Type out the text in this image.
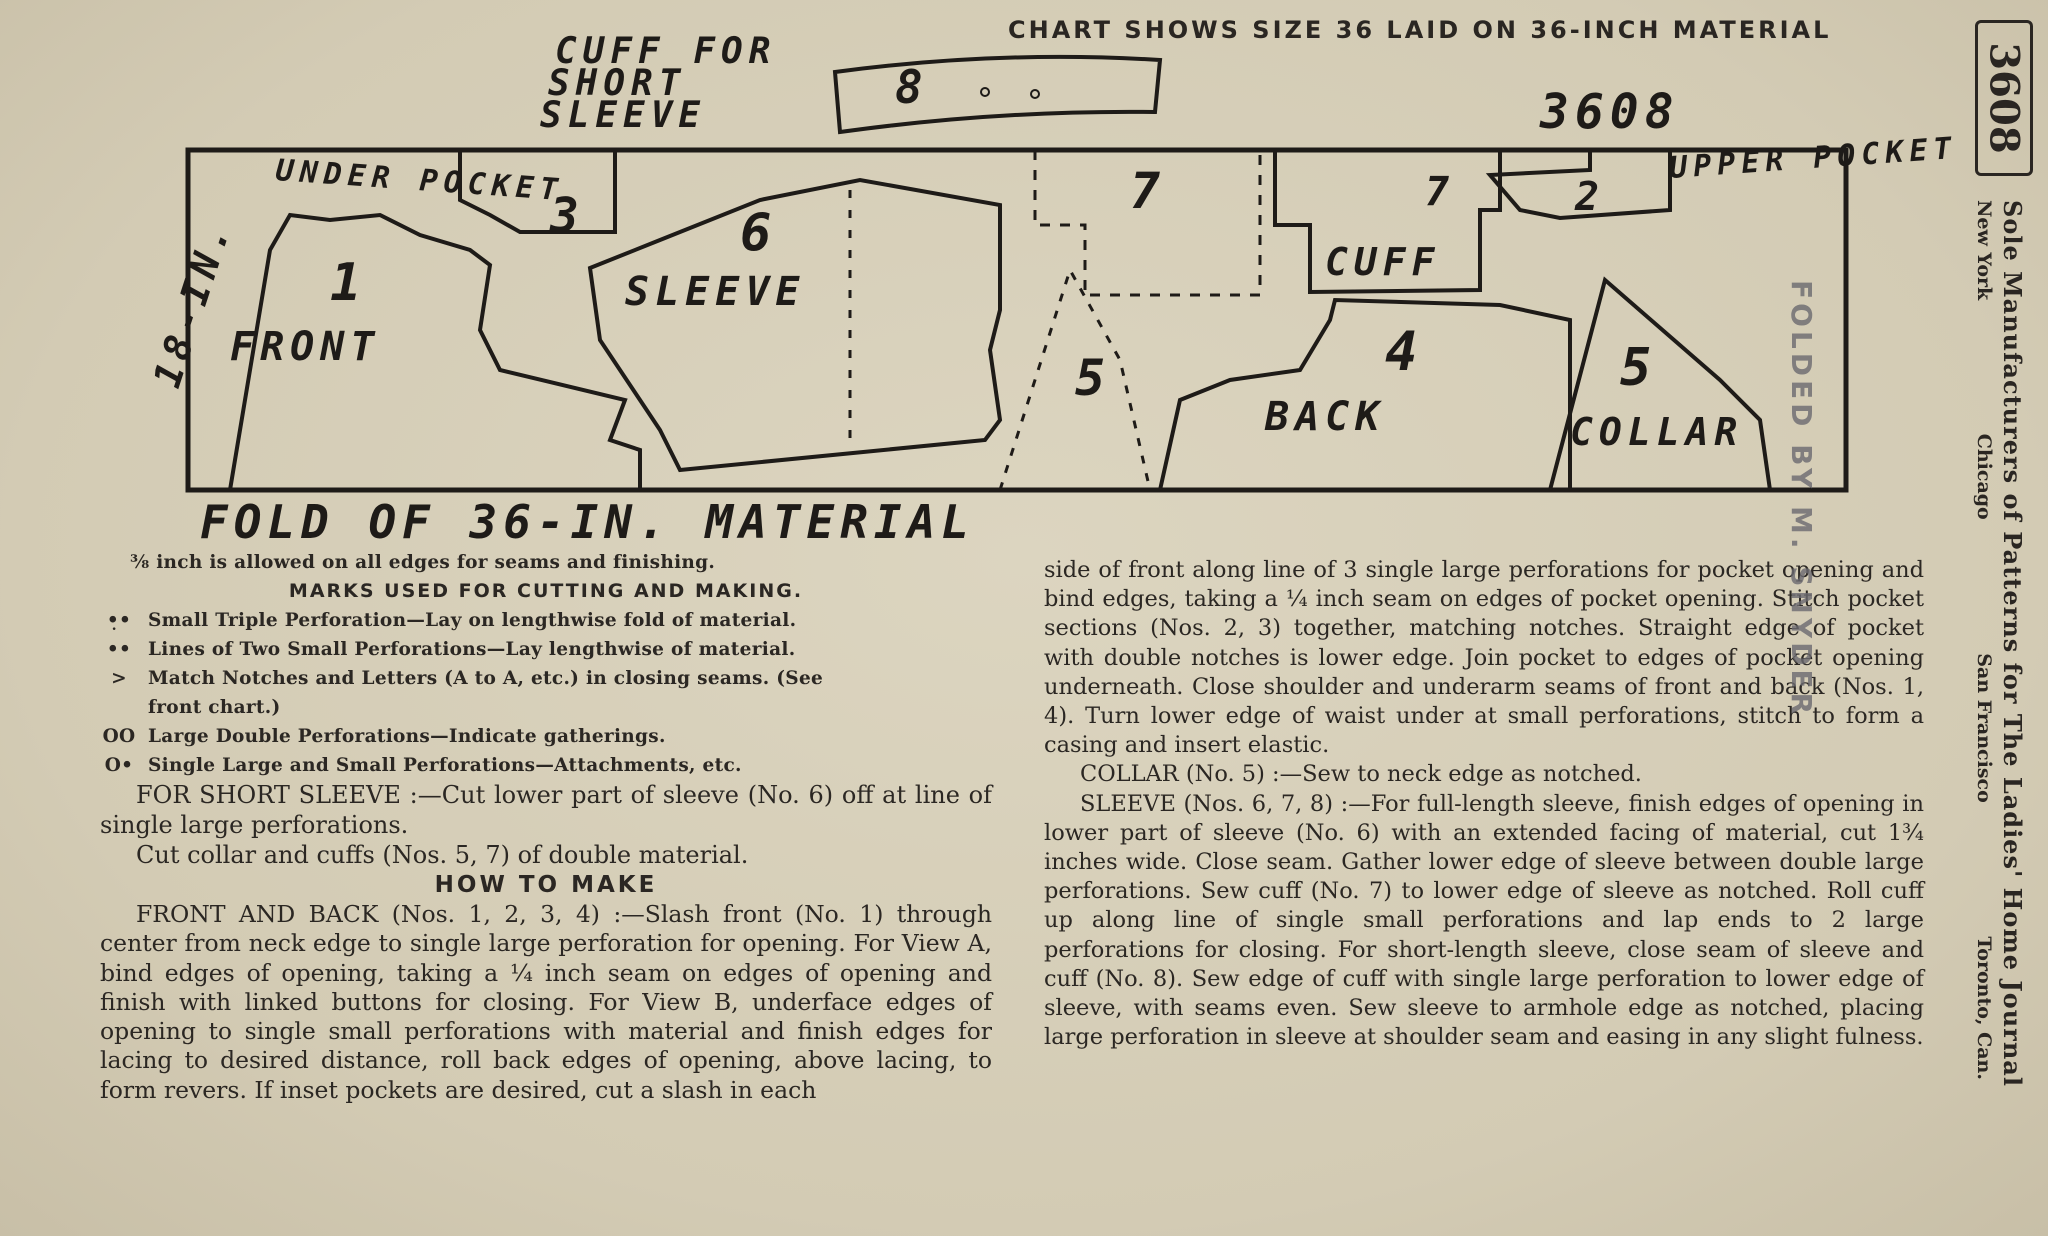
CHART SHOWS SIZE 36 LAID ON 36-INCH MATERIAL
8
CUFF FOR
SHORT
SLEEVE	3608
18-IN.	3
UNDER POCKET
1
FRONT
6
SLEEVE
7
5
CUFF
7	2
UPPER POCKET
4
BACK
5
COLLAR
FOLD OF 36-IN. MATERIAL
⅜ inch is allowed on all edges for seams and finishing.
MARKS USED FOR CUTTING AND MAKING.
•̣• Small Triple Perforation—Lay on lengthwise fold of material.
•• Lines of Two Small Perforations—Lay lengthwise of material.
>	Match Notches and Letters (A to A, etc.) in closing seams. (See
front chart.)
OO Large Double Perforations—Indicate gatherings.
O• Single Large and Small Perforations—Attachments, etc.
FOR SHORT SLEEVE :—Cut lower part of sleeve (No. 6) off at line of single large perforations.
Cut collar and cuffs (Nos. 5, 7) of double material.
HOW TO MAKE
FRONT AND BACK (Nos. 1, 2, 3, 4) :—Slash front (No. 1) through center from neck edge to single large perforation for opening. For View A, bind edges of opening, taking a ¼ inch seam on edges of opening and finish with linked buttons for closing. For View B, underface edges of opening to single small perforations with material and finish edges for lacing to desired distance, roll back edges of opening, above lacing, to form revers. If inset pockets are desired, cut a slash in each
side of front along line of 3 single large perforations for pocket opening and bind edges, taking a ¼ inch seam on edges of pocket opening. Stitch pocket sections (Nos. 2, 3) together, matching notches. Straight edge of pocket with double notches is lower edge. Join pocket to edges of pocket opening underneath. Close shoulder and underarm seams of front and back (Nos. 1, 4). Turn lower edge of waist under at small perforations, stitch to form a casing and insert elastic.
COLLAR (No. 5) :—Sew to neck edge as notched.
SLEEVE (Nos. 6, 7, 8) :—For full-length sleeve, finish edges of opening in lower part of sleeve (No. 6) with an extended facing of material, cut 1¾ inches wide. Close seam. Gather lower edge of sleeve between double large perforations. Sew cuff (No. 7) to lower edge of sleeve as notched. Roll cuff up along line of single small perforations and lap ends to 2 large perforations for closing. For short-length sleeve, close seam of sleeve and cuff (No. 8). Sew edge of cuff with single large perforation to lower edge of sleeve, with seams even. Sew sleeve to armhole edge as notched, placing large perforation in sleeve at shoulder seam and easing in any slight fulness.
3608
Sole Manufacturers of Patterns for The Ladies' Home Journal
New York
Chicago
San Francisco
Toronto, Can.
FOLDED BY M. SNYDER
